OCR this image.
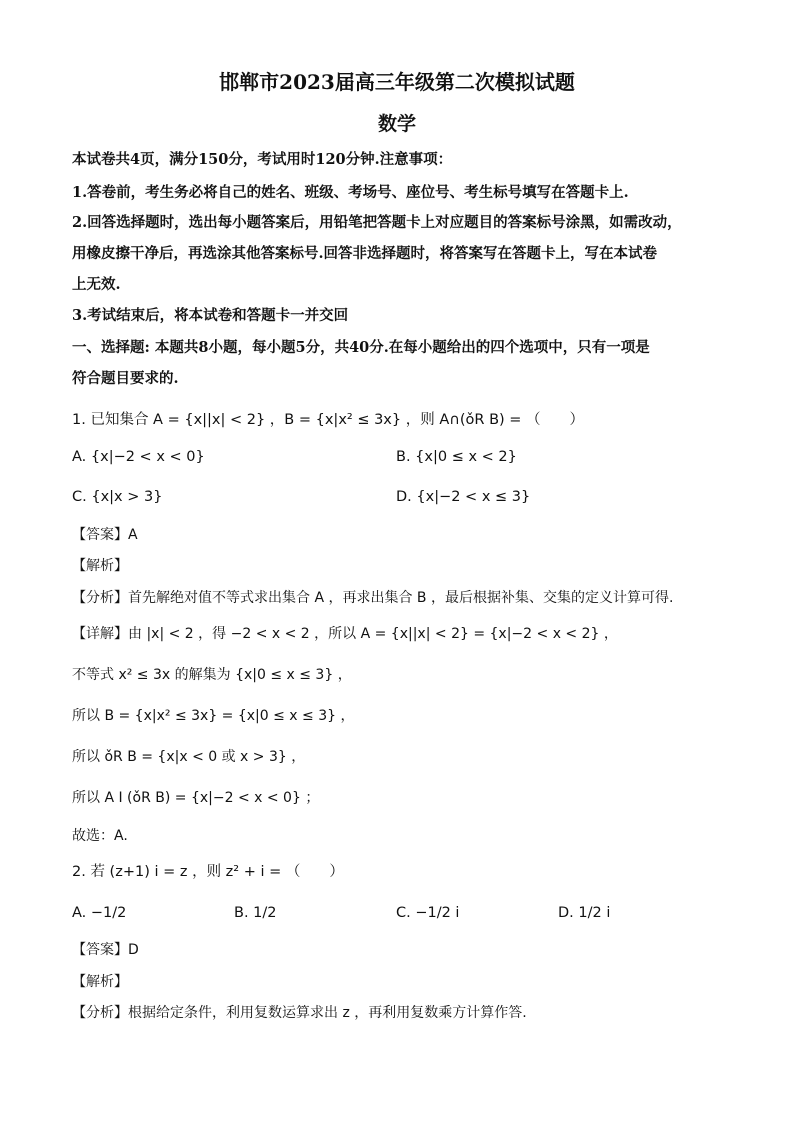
邯郸市2023届高三年级第二次模拟试题
数学
本试卷共4页，满分150分，考试用时120分钟.注意事项：
1.答卷前，考生务必将自己的姓名、班级、考场号、座位号、考生标号填写在答题卡上.
2.回答选择题时，选出每小题答案后，用铅笔把答题卡上对应题目的答案标号涂黑，如需改动，
用橡皮擦干净后，再选涂其他答案标号.回答非选择题时，将答案写在答题卡上，写在本试卷
上无效.
3.考试结束后，将本试卷和答题卡一并交回
一、选择题: 本题共8小题，每小题5分，共40分.在每小题给出的四个选项中，只有一项是
符合题目要求的.
1. 已知集合 A = {x||x| < 2} ，B = {x|x² ≤ 3x} ，则 A∩(ǒR B) = （　　）
A. {x|−2 < x < 0}	B. {x|0 ≤ x < 2}
C. {x|x > 3}	D. {x|−2 < x ≤ 3}
【答案】A
【解析】
【分析】首先解绝对值不等式求出集合 A ，再求出集合 B ，最后根据补集、交集的定义计算可得.
【详解】由 |x| < 2 ，得 −2 < x < 2 ，所以 A = {x||x| < 2} = {x|−2 < x < 2} ，
不等式 x² ≤ 3x 的解集为 {x|0 ≤ x ≤ 3} ，
所以 B = {x|x² ≤ 3x} = {x|0 ≤ x ≤ 3} ，
所以 ǒR B = {x|x < 0 或 x > 3} ，
所以 A I (ǒR B) = {x|−2 < x < 0} ；
故选：A.
2. 若 (z+1) i = z ，则 z² + i = （　　）
A. −1/2	B. 1/2	C. −1/2 i	D. 1/2 i
【答案】D
【解析】
【分析】根据给定条件，利用复数运算求出 z ，再利用复数乘方计算作答.
